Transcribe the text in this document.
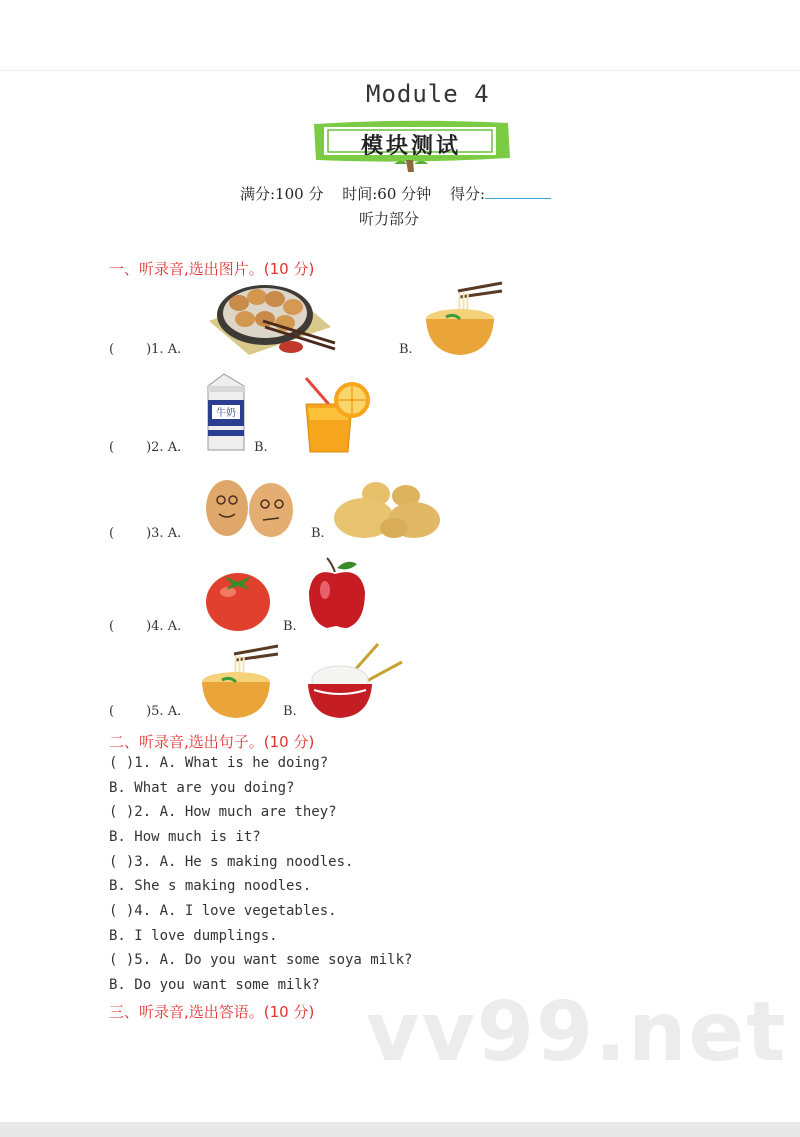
Module 4
模块测试
满分:100 分 时间:60 分钟 得分:
听力部分
一、听录音,选出图片。(10 分)
( )1. A.	B.
( )2. A.
牛奶
B.
( )3. A.	B.
( )4. A.	B.
( )5. A.	B.
二、听录音,选出句子。(10 分)
( )1. A. What is he doing?
B. What are you doing?
( )2. A. How much are they?
B. How much is it?
( )3. A. He s making noodles.
B. She s making noodles.
( )4. A. I love vegetables.
B. I love dumplings.
( )5. A. Do you want some soya milk?
B. Do you want some milk?
三、听录音,选出答语。(10 分) vv99.net
